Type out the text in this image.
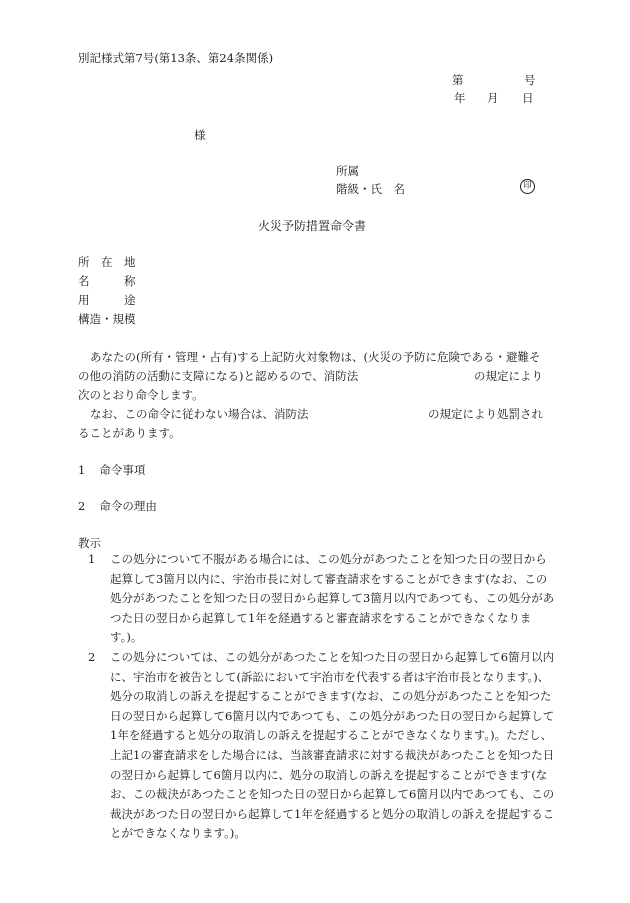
別記様式第7号(第13条、第24条関係)
第	号
年 月 日
様
所属
階級・氏　名	印
火災予防措置命令書
所　在　地
名　　　称
用　　　途
構造・規模
あなたの(所有・管理・占有)する上記防火対象物は、(火災の予防に危険である・避難そ
の他の消防の活動に支障になる)と認めるので、消防法	の規定により
次のとおり命令します。
なお、この命令に従わない場合は、消防法	の規定により処罰され
ることがあります。
1 命令事項
2 命令の理由
教示
1	この処分について不服がある場合には、この処分があつたことを知つた日の翌日から起算して3箇月以内に、宇治市長に対して審査請求をすることができます(なお、この処分があつたことを知つた日の翌日から起算して3箇月以内であつても、この処分があつた日の翌日から起算して1年を経過すると審査請求をすることができなくなります。)。
2	この処分については、この処分があつたことを知つた日の翌日から起算して6箇月以内に、宇治市を被告として(訴訟において宇治市を代表する者は宇治市長となります。)、処分の取消しの訴えを提起することができます(なお、この処分があつたことを知つた日の翌日から起算して6箇月以内であつても、この処分があつた日の翌日から起算して1年を経過すると処分の取消しの訴えを提起することができなくなります。)。ただし、上記1の審査請求をした場合には、当該審査請求に対する裁決があつたことを知つた日の翌日から起算して6箇月以内に、処分の取消しの訴えを提起することができます(なお、この裁決があつたことを知つた日の翌日から起算して6箇月以内であつても、この裁決があつた日の翌日から起算して1年を経過すると処分の取消しの訴えを提起することができなくなります。)。
